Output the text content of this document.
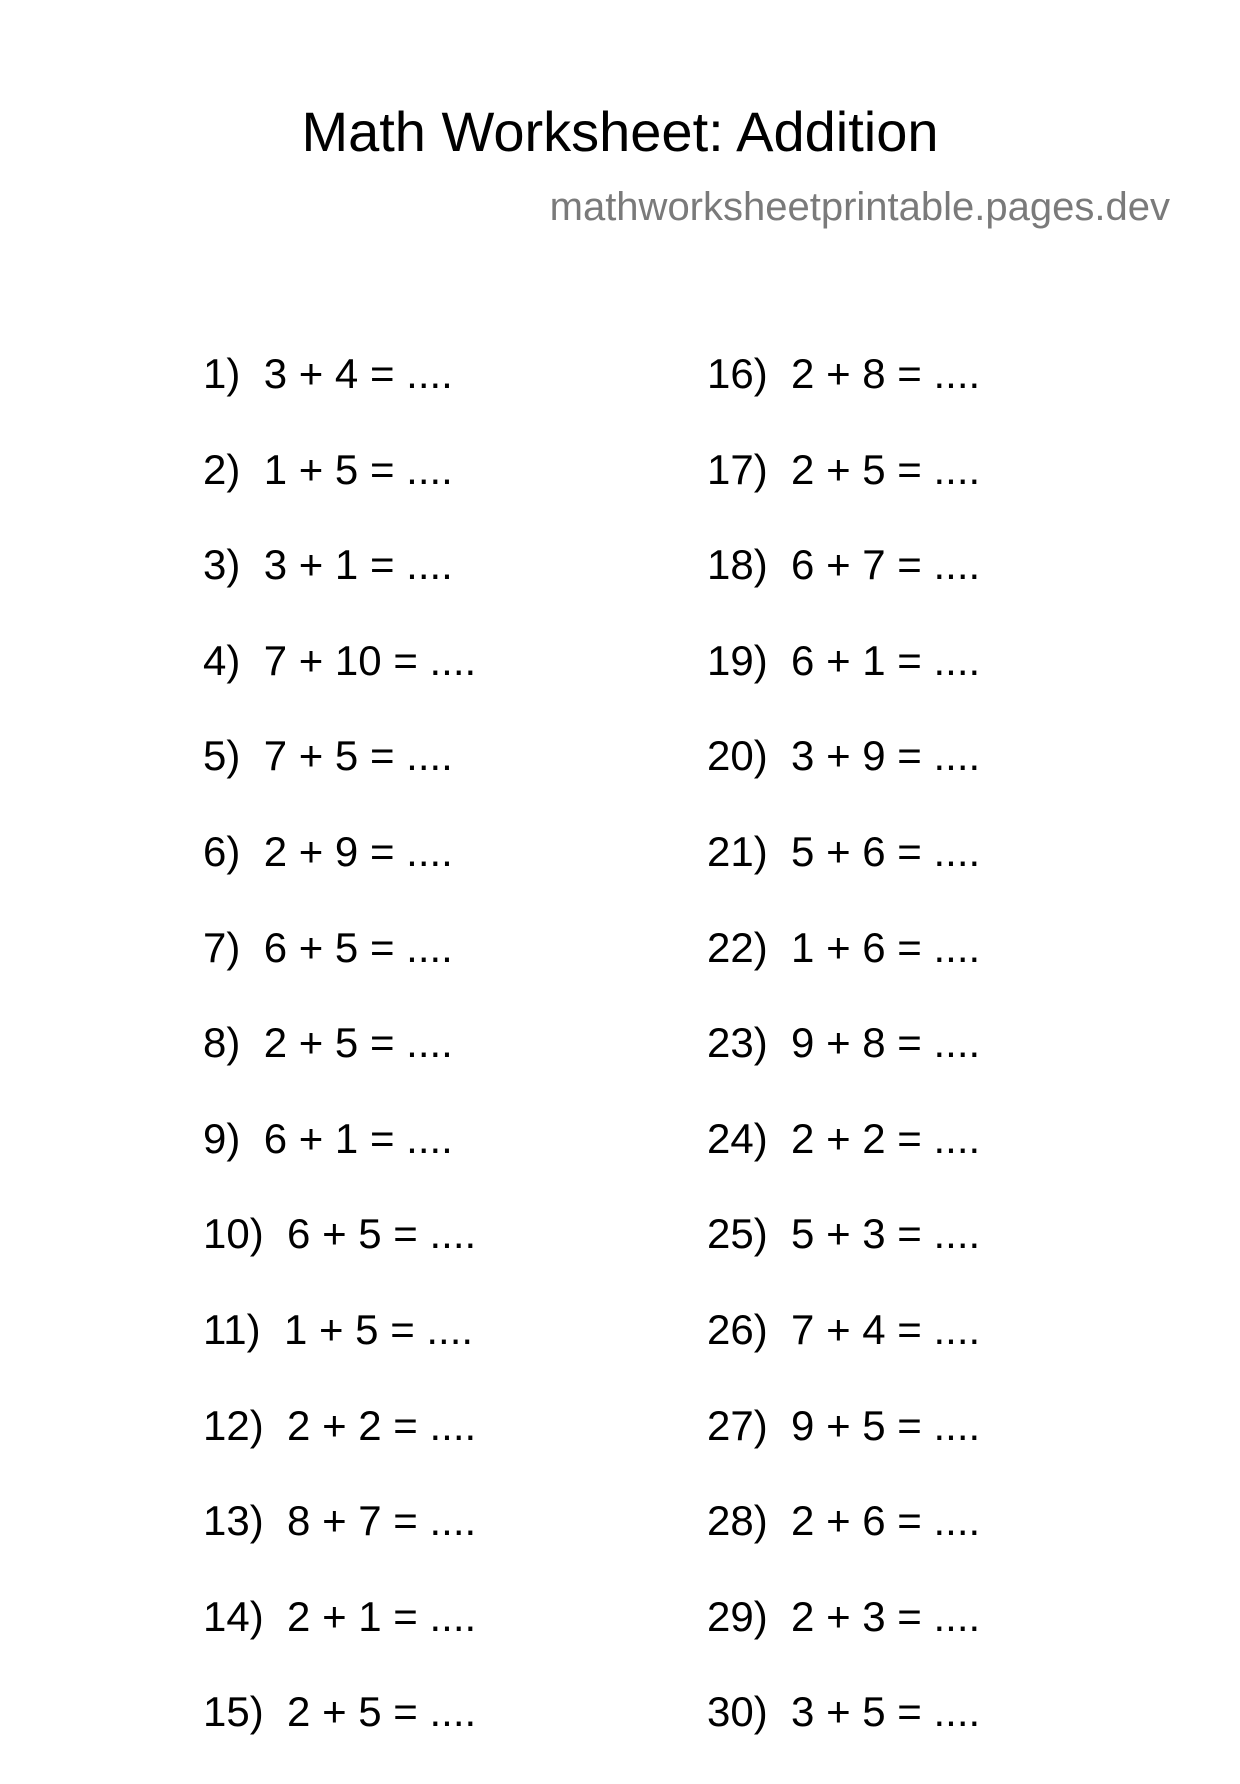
Math Worksheet: Addition
mathworksheetprintable.pages.dev
1) 3 + 4 = ....
2) 1 + 5 = ....
3) 3 + 1 = ....
4) 7 + 10 = ....
5) 7 + 5 = ....
6) 2 + 9 = ....
7) 6 + 5 = ....
8) 2 + 5 = ....
9) 6 + 1 = ....
10) 6 + 5 = ....
11) 1 + 5 = ....
12) 2 + 2 = ....
13) 8 + 7 = ....
14) 2 + 1 = ....
15) 2 + 5 = ....
16) 2 + 8 = ....
17) 2 + 5 = ....
18) 6 + 7 = ....
19) 6 + 1 = ....
20) 3 + 9 = ....
21) 5 + 6 = ....
22) 1 + 6 = ....
23) 9 + 8 = ....
24) 2 + 2 = ....
25) 5 + 3 = ....
26) 7 + 4 = ....
27) 9 + 5 = ....
28) 2 + 6 = ....
29) 2 + 3 = ....
30) 3 + 5 = ....
